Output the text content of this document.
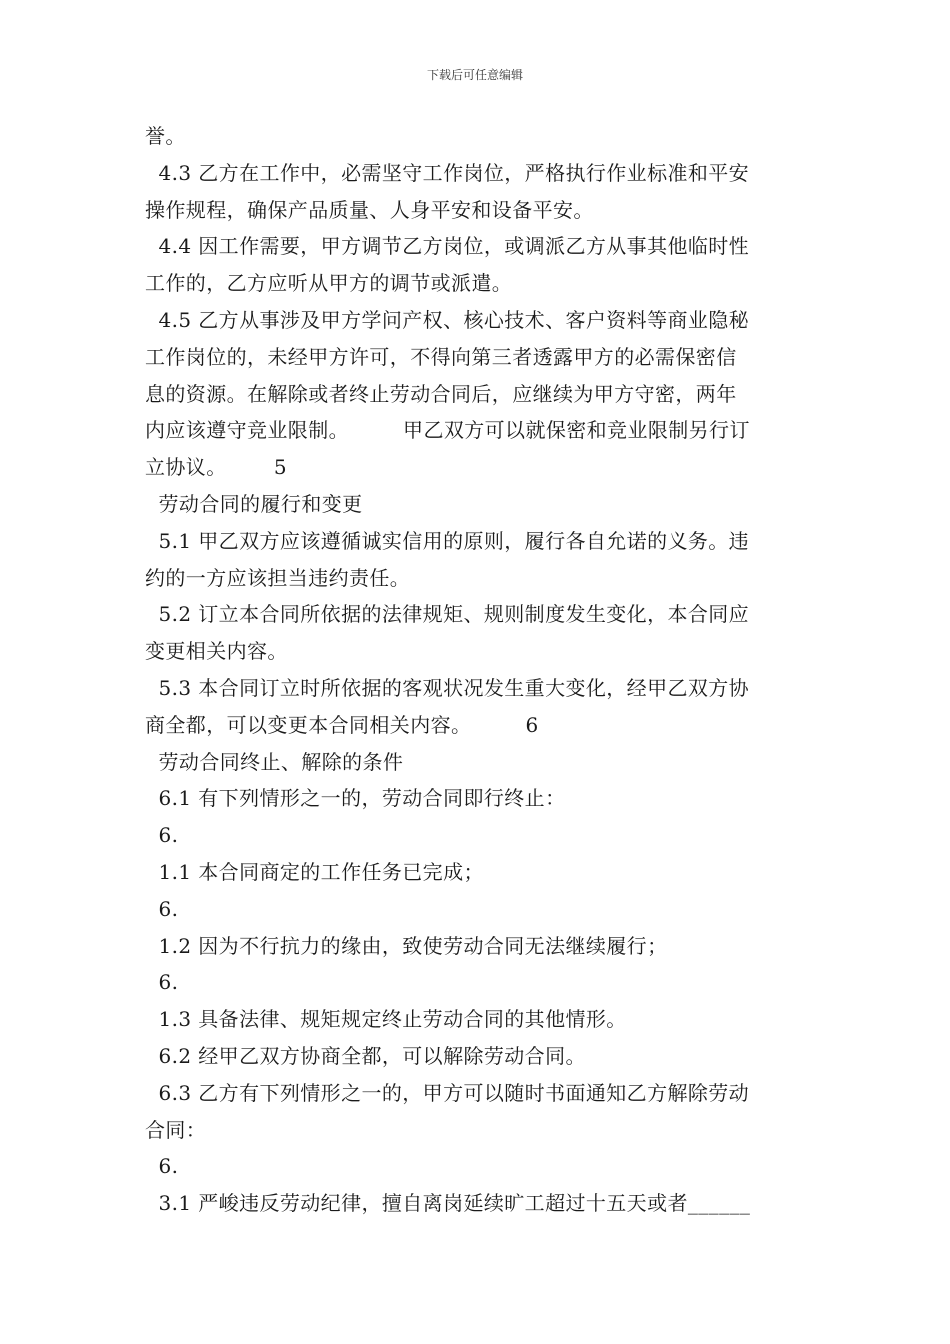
下载后可任意编辑
誉。
4.3 乙方在工作中，必需坚守工作岗位，严格执行作业标准和平安
操作规程，确保产品质量、人身平安和设备平安。
4.4 因工作需要，甲方调节乙方岗位，或调派乙方从事其他临时性
工作的，乙方应听从甲方的调节或派遣。
4.5 乙方从事涉及甲方学问产权、核心技术、客户资料等商业隐秘
工作岗位的，未经甲方许可，不得向第三者透露甲方的必需保密信
息的资源。在解除或者终止劳动合同后，应继续为甲方守密，两年
内应该遵守竞业限制。        甲乙双方可以就保密和竞业限制另行订
立协议。       5
劳动合同的履行和变更
5.1 甲乙双方应该遵循诚实信用的原则，履行各自允诺的义务。违
约的一方应该担当违约责任。
5.2 订立本合同所依据的法律规矩、规则制度发生变化，本合同应
变更相关内容。
5.3 本合同订立时所依据的客观状况发生重大变化，经甲乙双方协
商全都，可以变更本合同相关内容。        6
劳动合同终止、解除的条件
6.1 有下列情形之一的，劳动合同即行终止：
6.
1.1 本合同商定的工作任务已完成；
6.
1.2 因为不行抗力的缘由，致使劳动合同无法继续履行；
6.
1.3 具备法律、规矩规定终止劳动合同的其他情形。
6.2 经甲乙双方协商全都，可以解除劳动合同。
6.3 乙方有下列情形之一的，甲方可以随时书面通知乙方解除劳动
合同：
6.
3.1 严峻违反劳动纪律，擅自离岗延续旷工超过十五天或者______
